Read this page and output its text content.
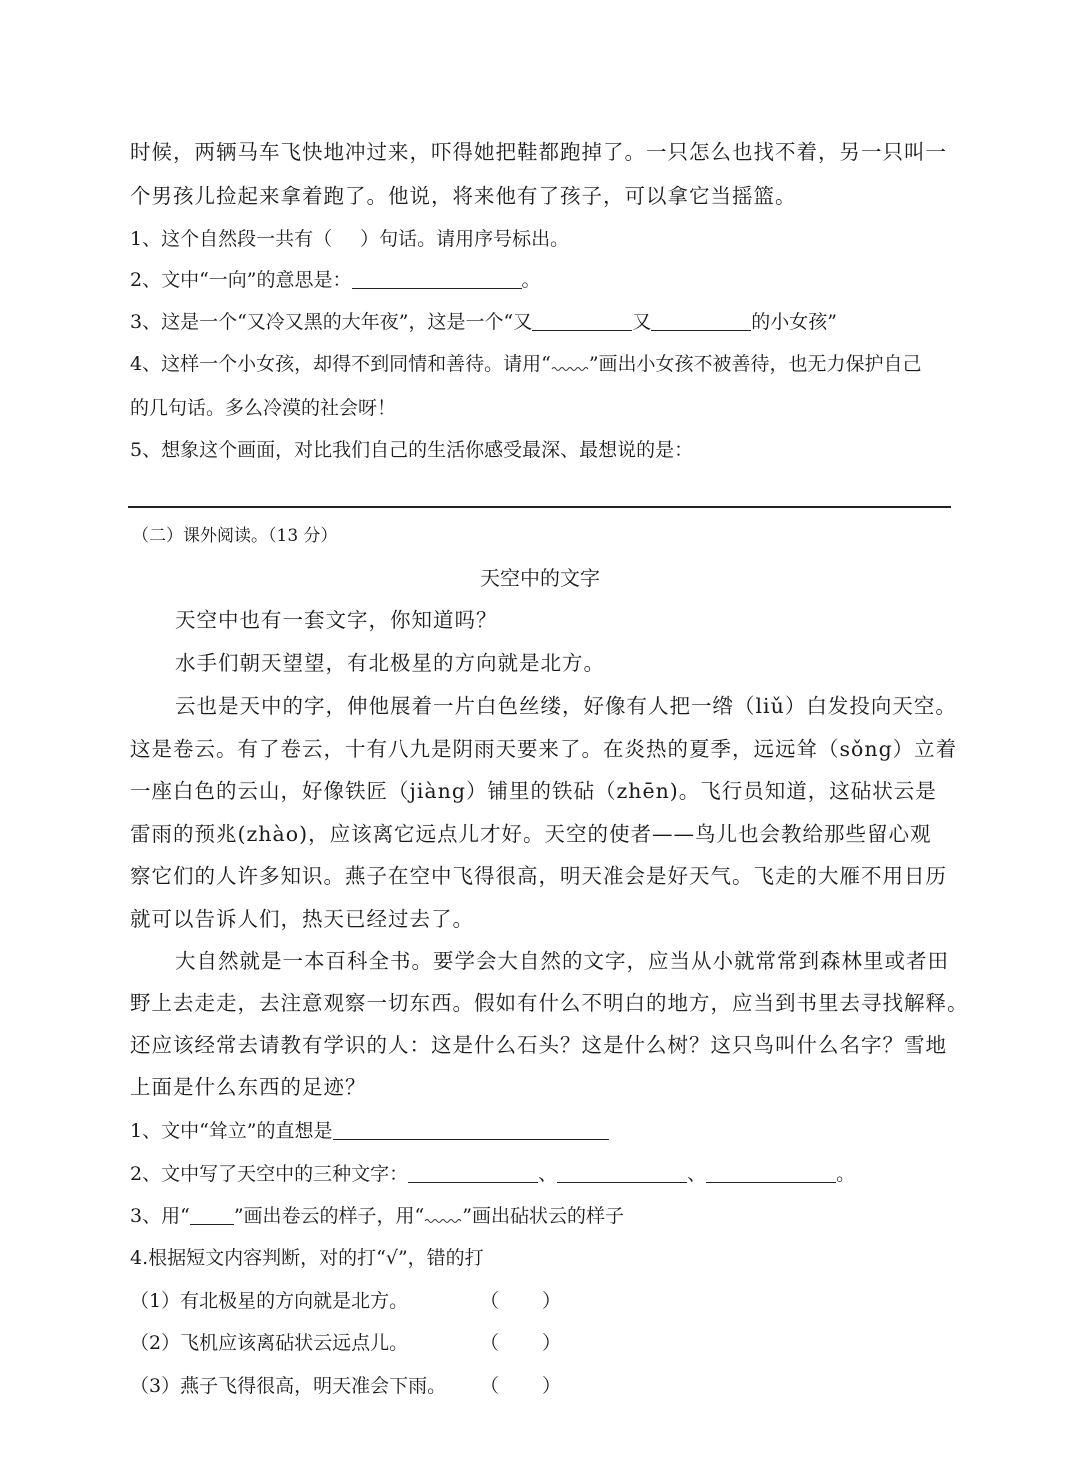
时候，两辆马车飞快地冲过来，吓得她把鞋都跑掉了。一只怎么也找不着，另一只叫一
个男孩儿捡起来拿着跑了。他说，将来他有了孩子，可以拿它当摇篮。
1、这个自然段一共有（ ）句话。请用序号标出。
2、文中“一向”的意思是：	。
3、这是一个“又冷又黑的大年夜”，这是一个“又	又	的小女孩”
4、这样一个小女孩，却得不到同情和善待。请用“ ”画出小女孩不被善待，也无力保护自己
的几句话。多么冷漠的社会呀！
5、想象这个画面，对比我们自己的生活你感受最深、最想说的是：
（二）课外阅读。（13 分）
天空中的文字
天空中也有一套文字，你知道吗？
水手们朝天望望，有北极星的方向就是北方。
云也是天中的字，伸他展着一片白色丝缕，好像有人把一绺（liǔ）白发投向天空。
这是卷云。有了卷云，十有八九是阴雨天要来了。在炎热的夏季，远远耸（sǒng）立着
一座白色的云山，好像铁匠（jiàng）铺里的铁砧（zhēn)。飞行员知道，这砧状云是
雷雨的预兆(zhào)，应该离它远点儿才好。天空的使者——鸟儿也会教给那些留心观
察它们的人许多知识。燕子在空中飞得很高，明天准会是好天气。飞走的大雁不用日历
就可以告诉人们，热天已经过去了。
大自然就是一本百科全书。要学会大自然的文字，应当从小就常常到森林里或者田
野上去走走，去注意观察一切东西。假如有什么不明白的地方，应当到书里去寻找解释。
还应该经常去请教有学识的人：这是什么石头？这是什么树？这只鸟叫什么名字？雪地
上面是什么东西的足迹？
1、文中“耸立”的直想是
2、文中写了天空中的三种文字：	、	、	。
3、用“ ”画出卷云的样子，用“ ”画出砧状云的样子
4.根据短文内容判断，对的打“√”，错的打
（1）有北极星的方向就是北方。	（ ）
（2）飞机应该离砧状云远点儿。	（ ）
（3）燕子飞得很高，明天准会下雨。 （ ）
